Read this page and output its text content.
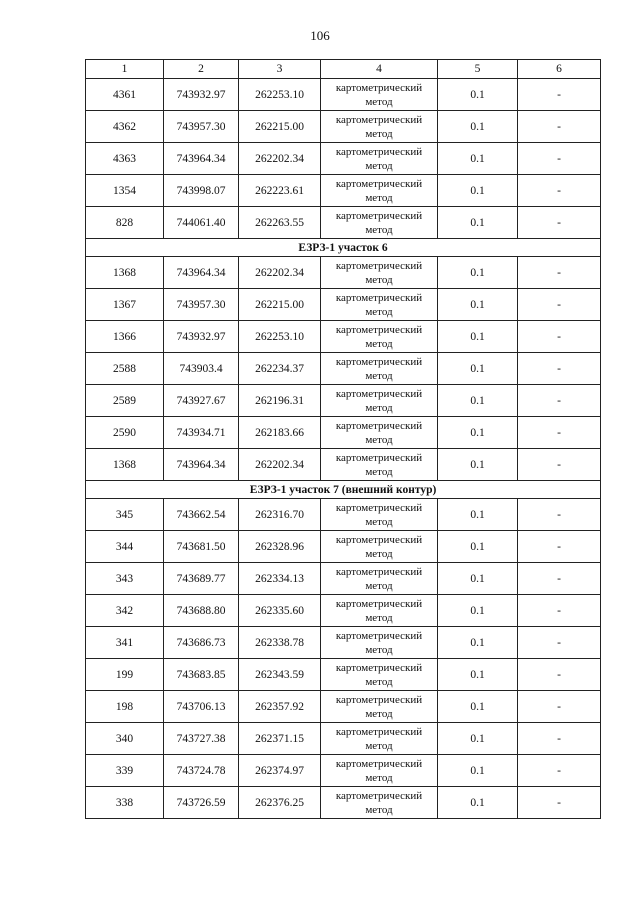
106
1	2	3	4	5	6
4361	743932.97	262253.10	картометрический метод	0.1	-
4362	743957.30	262215.00	картометрический метод	0.1	-
4363	743964.34	262202.34	картометрический метод	0.1	-
1354	743998.07	262223.61	картометрический метод	0.1	-
828	744061.40	262263.55	картометрический метод	0.1	-
ЕЗРЗ-1 участок 6					
1368	743964.34	262202.34	картометрический метод	0.1	-
1367	743957.30	262215.00	картометрический метод	0.1	-
1366	743932.97	262253.10	картометрический метод	0.1	-
2588	743903.4	262234.37	картометрический метод	0.1	-
2589	743927.67	262196.31	картометрический метод	0.1	-
2590	743934.71	262183.66	картометрический метод	0.1	-
1368	743964.34	262202.34	картометрический метод	0.1	-
ЕЗРЗ-1 участок 7 (внешний контур)					
345	743662.54	262316.70	картометрический метод	0.1	-
344	743681.50	262328.96	картометрический метод	0.1	-
343	743689.77	262334.13	картометрический метод	0.1	-
342	743688.80	262335.60	картометрический метод	0.1	-
341	743686.73	262338.78	картометрический метод	0.1	-
199	743683.85	262343.59	картометрический метод	0.1	-
198	743706.13	262357.92	картометрический метод	0.1	-
340	743727.38	262371.15	картометрический метод	0.1	-
339	743724.78	262374.97	картометрический метод	0.1	-
338	743726.59	262376.25	картометрический метод	0.1	-
